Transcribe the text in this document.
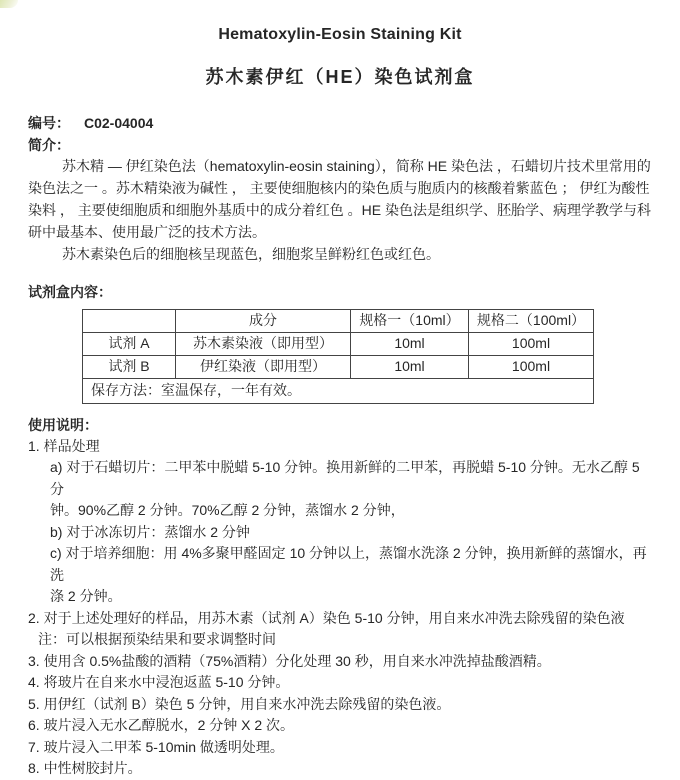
Hematoxylin-Eosin Staining Kit
苏木素伊红（HE）染色试剂盒
编号： C02-04004
简介：
苏木精 — 伊红染色法（hematoxylin-eosin staining），简称 HE 染色法 ，石蜡切片技术里常用的
染色法之一 。苏木精染液为碱性 ， 主要使细胞核内的染色质与胞质内的核酸着紫蓝色 ； 伊红为酸性
染料 ， 主要使细胞质和细胞外基质中的成分着红色 。HE 染色法是组织学、胚胎学、病理学教学与科
研中最基本、使用最广泛的技术方法。
苏木素染色后的细胞核呈现蓝色，细胞浆呈鲜粉红色或红色。
试剂盒内容：
	成分	规格一（10ml）	规格二（100ml）
试剂 A	苏木素染液（即用型）	10ml	100ml
试剂 B	伊红染液（即用型）	10ml	100ml
保存方法：室温保存，一年有效。			
使用说明：
1. 样品处理
a) 对于石蜡切片：二甲苯中脱蜡 5-10 分钟。换用新鲜的二甲苯，再脱蜡 5-10 分钟。无水乙醇 5 分
钟。90%乙醇 2 分钟。70%乙醇 2 分钟，蒸馏水 2 分钟，
b) 对于冰冻切片：蒸馏水 2 分钟
c) 对于培养细胞：用 4%多聚甲醛固定 10 分钟以上，蒸馏水洗涤 2 分钟，换用新鲜的蒸馏水，再洗
涤 2 分钟。
2. 对于上述处理好的样品，用苏木素（试剂 A）染色 5-10 分钟，用自来水冲洗去除残留的染色液
注：可以根据预染结果和要求调整时间
3. 使用含 0.5%盐酸的酒精（75%酒精）分化处理 30 秒，用自来水冲洗掉盐酸酒精。
4. 将玻片在自来水中浸泡返蓝 5-10 分钟。
5. 用伊红（试剂 B）染色 5 分钟，用自来水冲洗去除残留的染色液。
6. 玻片浸入无水乙醇脱水，2 分钟 X 2 次。
7. 玻片浸入二甲苯 5-10min 做透明处理。
8. 中性树胶封片。
